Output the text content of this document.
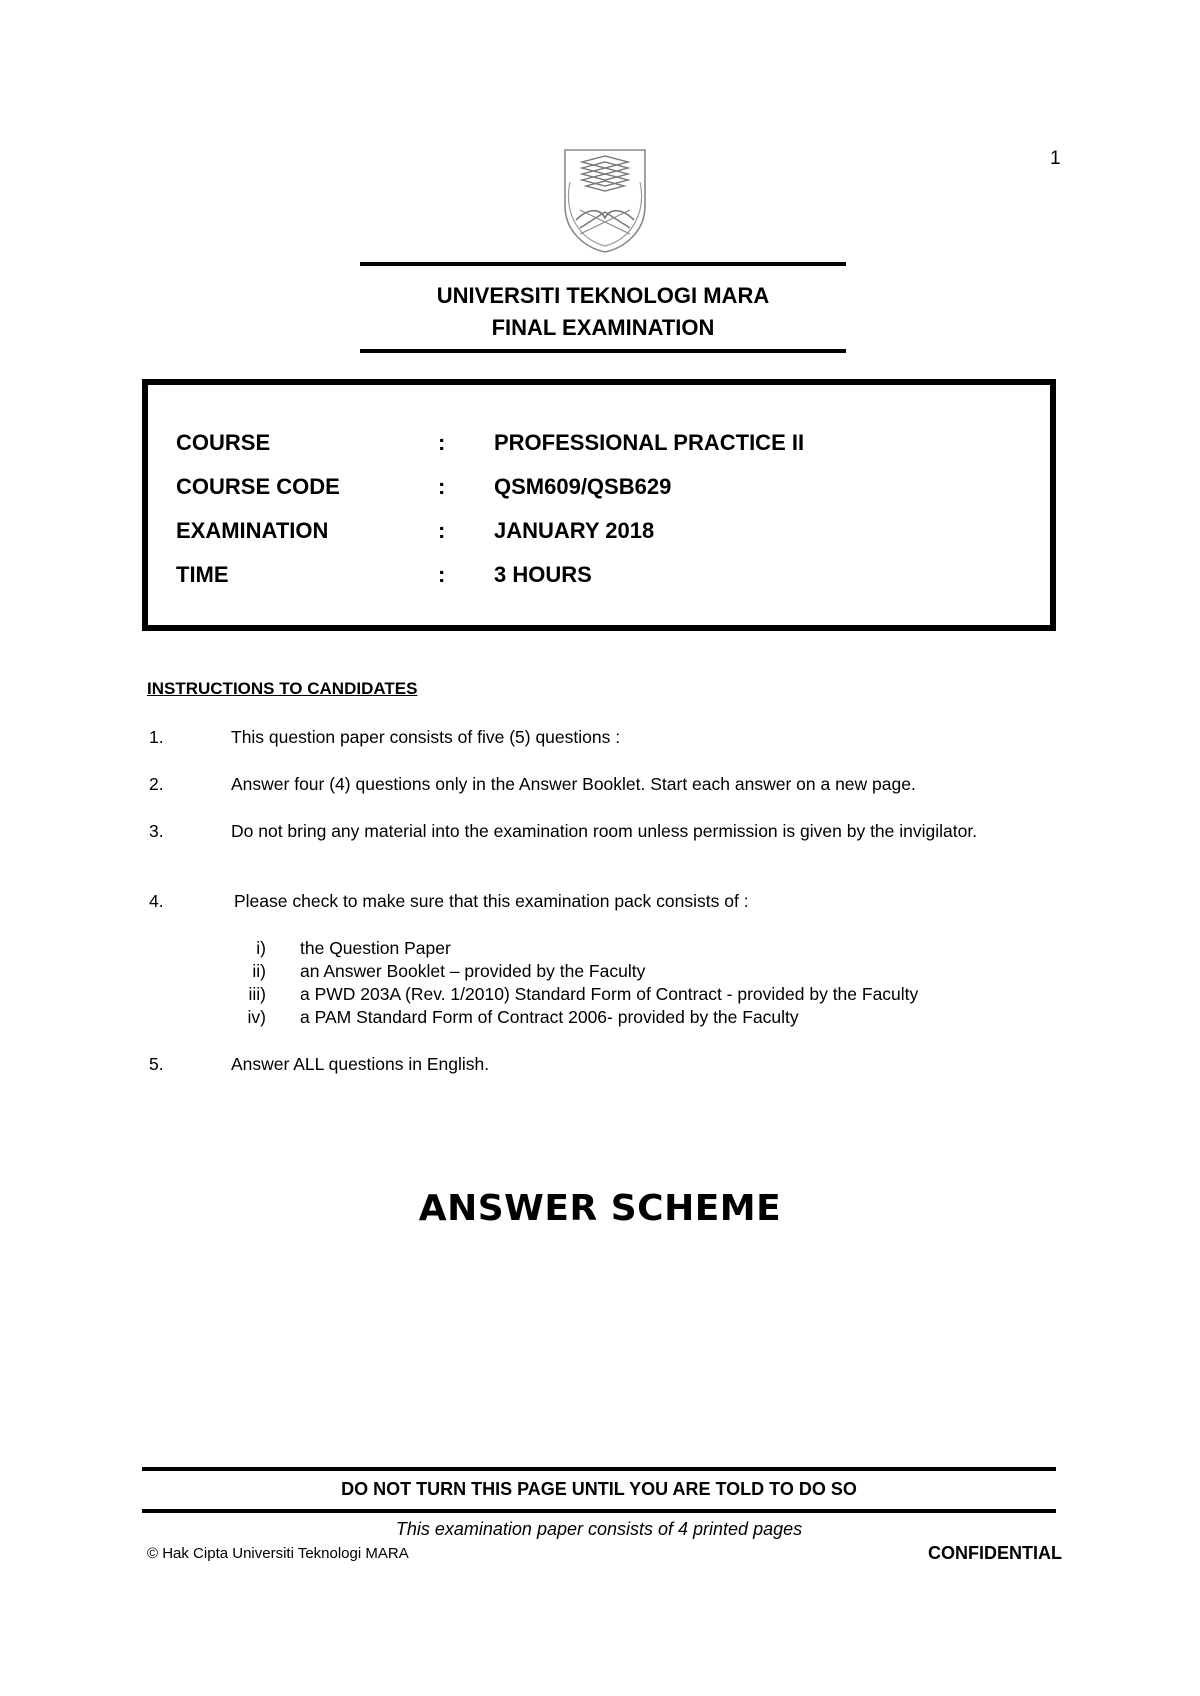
1
UNIVERSITI TEKNOLOGI MARA
FINAL EXAMINATION
COURSE	: PROFESSIONAL PRACTICE II
COURSE CODE	: QSM609/QSB629
EXAMINATION	: JANUARY 2018
TIME	: 3 HOURS
INSTRUCTIONS TO CANDIDATES
1.	This question paper consists of five (5) questions :
2.	Answer four (4) questions only in the Answer Booklet. Start each answer on a new page.
3.	Do not bring any material into the examination room unless permission is given by the invigilator.
4.	Please check to make sure that this examination pack consists of :
i) the Question Paper
ii) an Answer Booklet – provided by the Faculty
iii) a PWD 203A (Rev. 1/2010) Standard Form of Contract - provided by the Faculty
iv) a PAM Standard Form of Contract 2006- provided by the Faculty
5.	Answer ALL questions in English.
ANSWER SCHEME
DO NOT TURN THIS PAGE UNTIL YOU ARE TOLD TO DO SO
This examination paper consists of 4 printed pages
© Hak Cipta Universiti Teknologi MARA	CONFIDENTIAL
